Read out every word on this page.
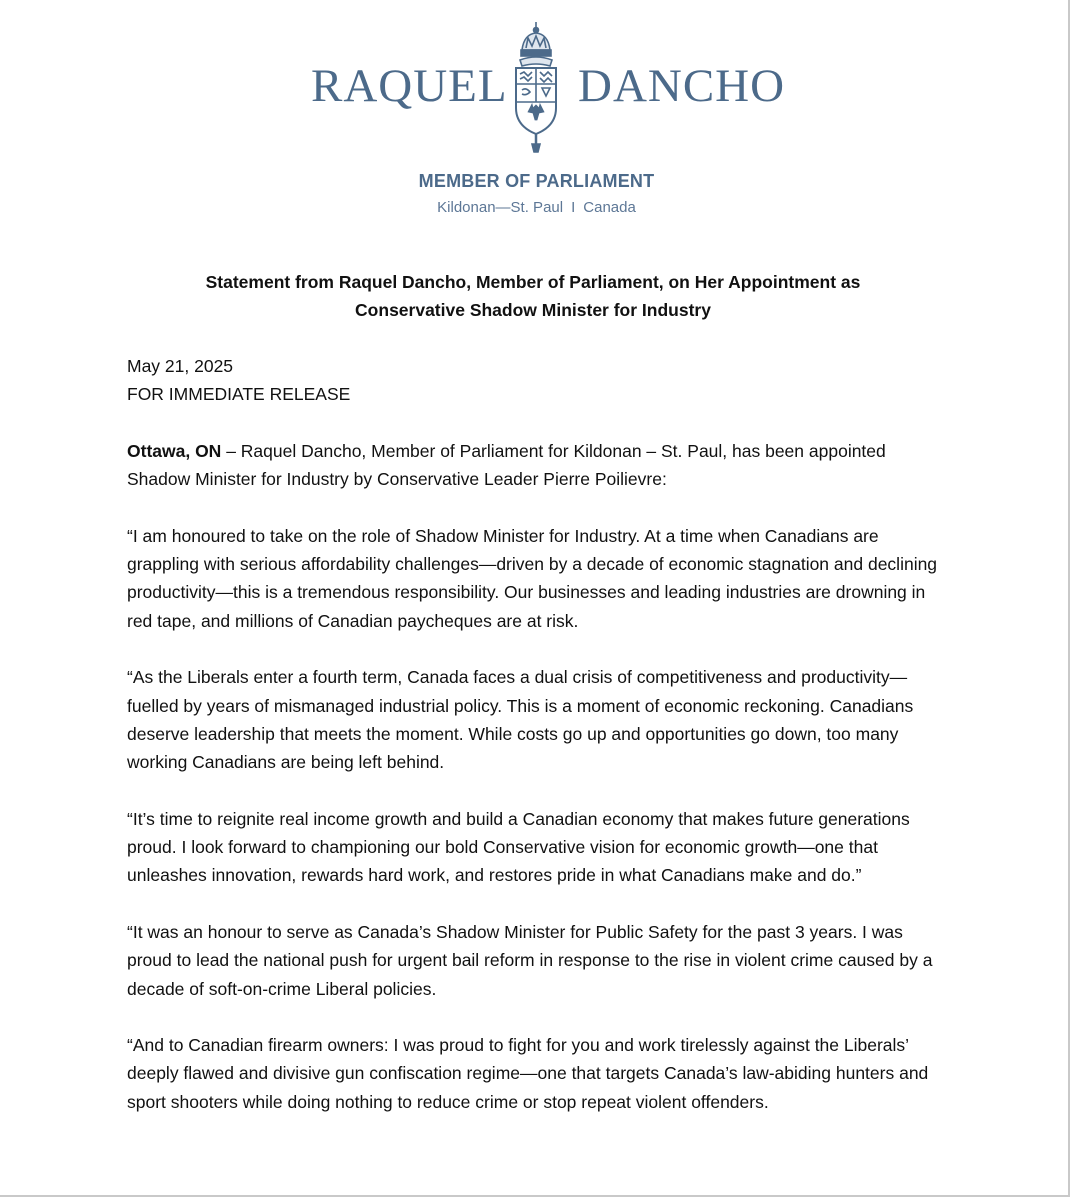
RAQUEL DANCHO
MEMBER OF PARLIAMENT
Kildonan—St. Paul I Canada
Statement from Raquel Dancho, Member of Parliament, on Her Appointment as
Conservative Shadow Minister for Industry

May 21, 2025
FOR IMMEDIATE RELEASE

Ottawa, ON – Raquel Dancho, Member of Parliament for Kildonan – St. Paul, has been appointed Shadow Minister for Industry by Conservative Leader Pierre Poilievre:

“I am honoured to take on the role of Shadow Minister for Industry. At a time when Canadians are grappling with serious affordability challenges—driven by a decade of economic stagnation and declining productivity—this is a tremendous responsibility. Our businesses and leading industries are drowning in red tape, and millions of Canadian paycheques are at risk.

“As the Liberals enter a fourth term, Canada faces a dual crisis of competitiveness and productivity—fuelled by years of mismanaged industrial policy. This is a moment of economic reckoning. Canadians deserve leadership that meets the moment. While costs go up and opportunities go down, too many working Canadians are being left behind.

“It’s time to reignite real income growth and build a Canadian economy that makes future generations proud. I look forward to championing our bold Conservative vision for economic growth—one that unleashes innovation, rewards hard work, and restores pride in what Canadians make and do.”

“It was an honour to serve as Canada’s Shadow Minister for Public Safety for the past 3 years. I was proud to lead the national push for urgent bail reform in response to the rise in violent crime caused by a decade of soft-on-crime Liberal policies.

“And to Canadian firearm owners: I was proud to fight for you and work tirelessly against the Liberals’ deeply flawed and divisive gun confiscation regime—one that targets Canada’s law-abiding hunters and sport shooters while doing nothing to reduce crime or stop repeat violent offenders.
